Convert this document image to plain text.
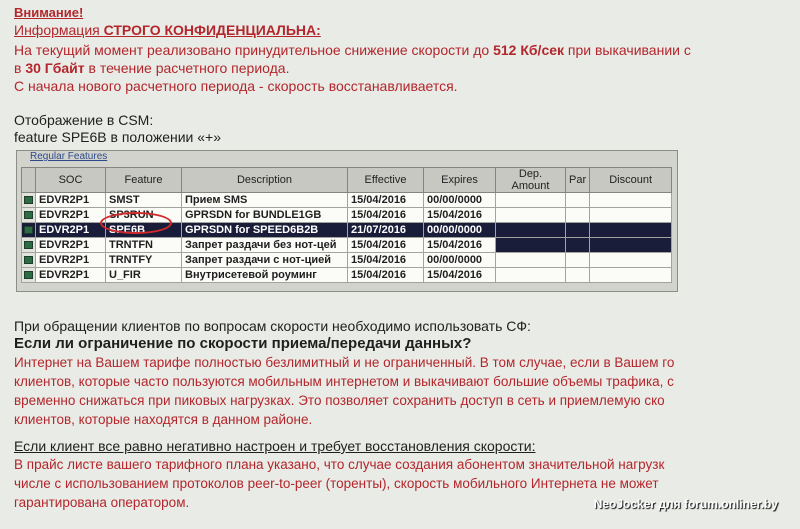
Внимание!
Информация СТРОГО КОНФИДЕНЦИАЛЬНА:
На текущий момент реализовано принудительное снижение скорости до 512 Кб/сек при выкачивании с
в 30 Гбайт в течение расчетного периода.
С начала нового расчетного периода - скорость восстанавливается.
Отображение в CSM:
feature SPE6B в положении «+»
Regular Features
	SOC	Feature	Description	Effective	Expires	Dep. Amount	Par	Discount
	EDVR2P1	SMST	Прием SMS	15/04/2016	00/00/0000			
	EDVR2P1	SP3RUN	GPRSDN for BUNDLE1GB	15/04/2016	15/04/2016			
	EDVR2P1	SPE6B	GPRSDN for SPEED6B2B	21/07/2016	00/00/0000			
	EDVR2P1	TRNTFN	Запрет раздачи без нот-цей	15/04/2016	15/04/2016			
	EDVR2P1	TRNTFY	Запрет раздачи с нот-цией	15/04/2016	00/00/0000			
	EDVR2P1	U_FIR	Внутрисетевой роуминг	15/04/2016	15/04/2016			
При обращении клиентов по вопросам скорости необходимо использовать СФ:
Если ли ограничение по скорости приема/передачи данных?
Интернет на Вашем тарифе полностью безлимитный и не ограниченный. В том случае, если в Вашем го
клиентов, которые часто пользуются мобильным интернетом и выкачивают большие объемы трафика, с
временно снижаться при пиковых нагрузках. Это позволяет сохранить доступ в сеть и приемлемую ско
клиентов, которые находятся в данном районе.
Если клиент все равно негативно настроен и требует восстановления скорости:
В прайс листе вашего тарифного плана указано, что случае создания абонентом значительной нагрузк
числе с использованием протоколов peer-to-peer (торенты), скорость мобильного Интернета не может
гарантирована оператором.	NeoJocker для forum.onliner.by
